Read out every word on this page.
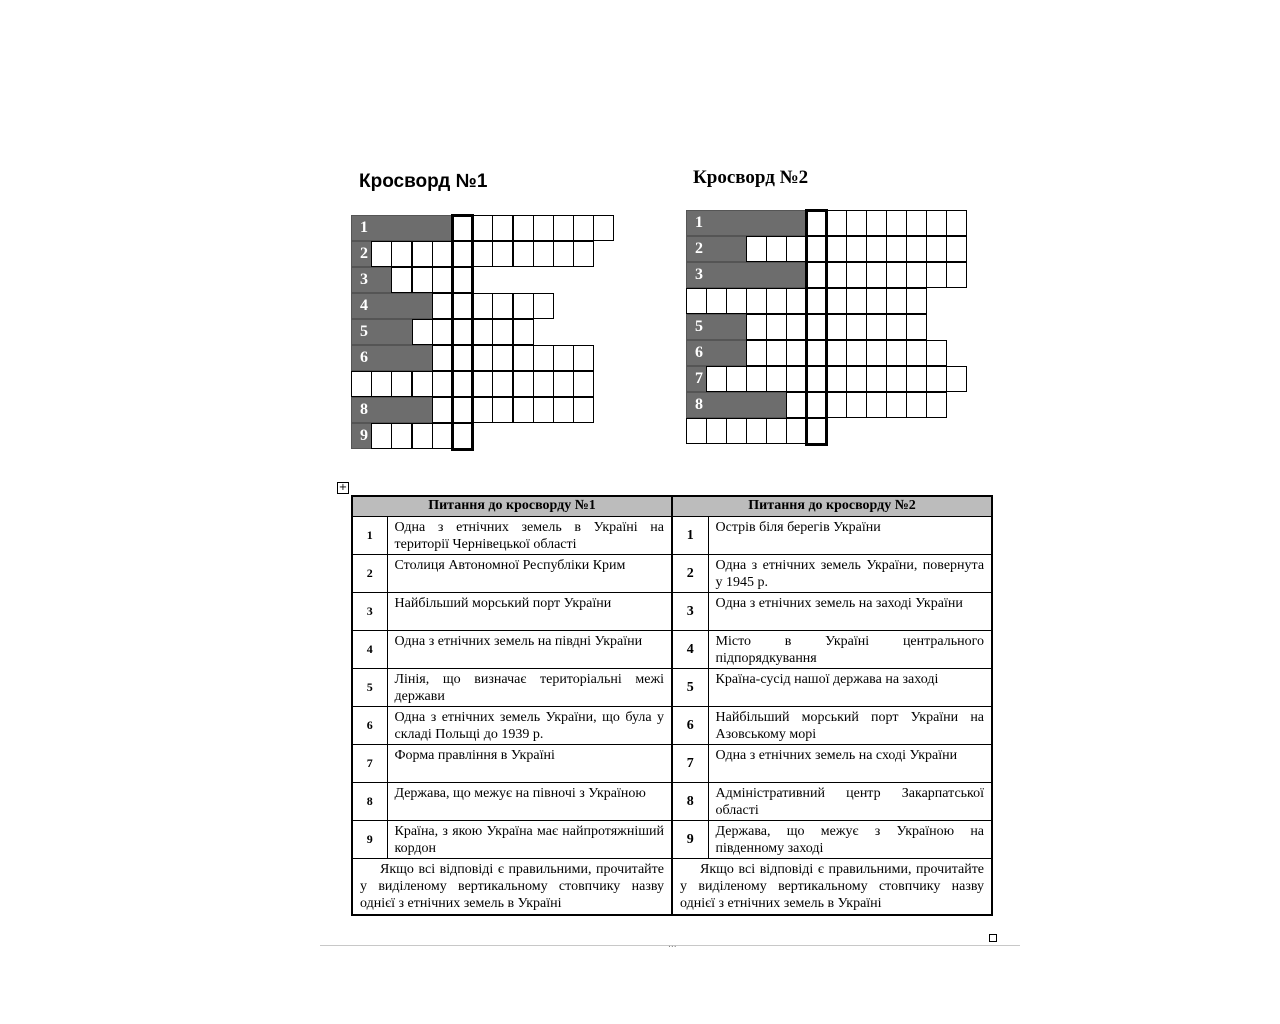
Кросворд №1	Кросворд №2
1
2
3
4
5
6
8
9
1
2
3
5
6
7
8
+
Питання до кросворду №1		Питання до кросворду №2	
1	Одна з етнічних земель в Україні на території Чернівецької області	1	Острів біля берегів України
2	Столиця Автономної Республіки Крим	2	Одна з етнічних земель України, повернута у 1945 р.
3	Найбільший морський порт України	3	Одна з етнічних земель на заході України
4	Одна з етнічних земель на півдні України	4	Місто в Україні центрального підпорядкування
5	Лінія, що визначає територіальні межі держави	5	Країна-сусід нашої держава на заході
6	Одна з етнічних земель України, що була у складі Польщі до 1939 р.	6	Найбільший морський порт України на Азовському морі
7	Форма правління в Україні	7	Одна з етнічних земель на сході України
8	Держава, що межує на півночі з Україною	8	Адміністративний центр Закарпатської області
9	Країна, з якою Україна має найпротяжніший кордон	9	Держава, що межує з Україною на південному заході
Якщо всі відповіді є правильними, прочитайте у виділеному вертикальному стовпчику назву однієї з етнічних земель в Україні		Якщо всі відповіді є правильними, прочитайте у виділеному вертикальному стовпчику назву однієї з етнічних земель в Україні	
...
